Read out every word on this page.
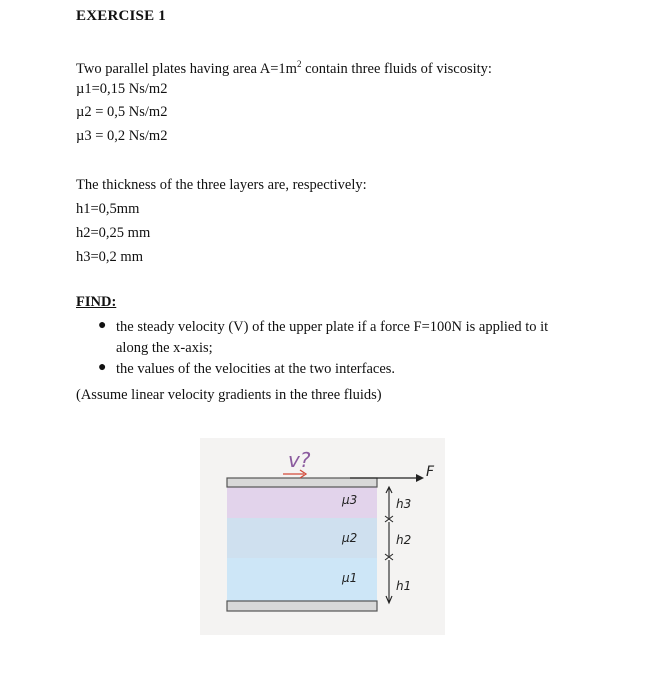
EXERCISE 1
Two parallel plates having area $A=1m^2$ contain three fluids of viscosity:
µ1=0,15 Ns/m2
µ2 = 0,5 Ns/m2
µ3 = 0,2 Ns/m2
The thickness of the three layers are, respectively:
h1=0,5mm
h2=0,25 mm
h3=0,2 mm
FIND:
● the steady velocity (V) of the upper plate if a force F=100N is applied to it
along the x-axis;
● the values of the velocities at the two interfaces.
(Assume linear velocity gradients in the three fluids)
v?	F
μ3
μ2
μ1
h3
h2
h1
